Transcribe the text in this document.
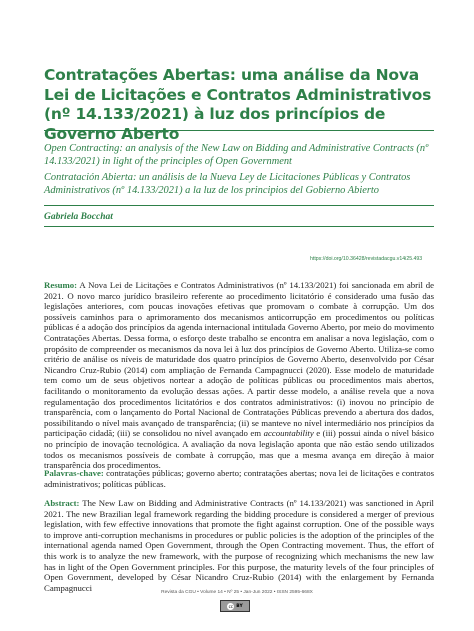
Contratações Abertas: uma análise da Nova Lei de Licitações e Contratos Administrativos (nº 14.133/2021) à luz dos princípios de Governo Aberto

Open Contracting: an analysis of the New Law on Bidding and Administrative Contracts (nº 14.133/2021) in light of the principles of Open Government

Contratación Abierta: un análisis de la Nueva Ley de Licitaciones Públicas y Contratos Administrativos (nº 14.133/2021) a la luz de los principios del Gobierno Abierto

Gabriela Bocchat

https://doi.org/10.36428/revistadacgu.v14i25.493

Resumo: A Nova Lei de Licitações e Contratos Administrativos (nº 14.133/2021) foi sancionada em abril de 2021. O novo marco jurídico brasileiro referente ao procedimento licitatório é considerado uma fusão das legislações anteriores, com poucas inovações efetivas que promovam o combate à corrupção. Um dos possíveis caminhos para o aprimoramento dos mecanismos anticorrupção em procedimentos ou políticas públicas é a adoção dos princípios da agenda internacional intitulada Governo Aberto, por meio do movimento Contratações Abertas. Dessa forma, o esforço deste trabalho se encontra em analisar a nova legislação, com o propósito de compreender os mecanismos da nova lei à luz dos princípios de Governo Aberto. Utiliza-se como critério de análise os níveis de maturidade dos quatro princípios de Governo Aberto, desenvolvido por César Nicandro Cruz-Rubio (2014) com ampliação de Fernanda Campagnucci (2020). Esse modelo de maturidade tem como um de seus objetivos nortear a adoção de políticas públicas ou procedimentos mais abertos, facilitando o monitoramento da evolução dessas ações. A partir desse modelo, a análise revela que a nova regulamentação dos procedimentos licitatórios e dos contratos administrativos: (i) inovou no princípio de transparência, com o lançamento do Portal Nacional de Contratações Públicas prevendo a abertura dos dados, possibilitando o nível mais avançado de transparência; (ii) se manteve no nível intermediário nos princípios da participação cidadã; (iii) se consolidou no nível avançado em accountability e (iii) possui ainda o nível básico no princípio de inovação tecnológica. A avaliação da nova legislação aponta que não estão sendo utilizados todos os mecanismos possíveis de combate à corrupção, mas que a mesma avança em direção à maior transparência dos procedimentos.

Palavras-chave: contratações públicas; governo aberto; contratações abertas; nova lei de licitações e contratos administrativos; políticas públicas.

Abstract: The New Law on Bidding and Administrative Contracts (nº 14.133/2021) was sanctioned in April 2021. The new Brazilian legal framework regarding the bidding procedure is considered a merger of previous legislation, with few effective innovations that promote the fight against corruption. One of the possible ways to improve anti-corruption mechanisms in procedures or public policies is the adoption of the principles of the international agenda named Open Government, through the Open Contracting movement. Thus, the effort of this work is to analyze the new framework, with the purpose of recognizing which mechanisms the new law has in light of the Open Government principles. For this purpose, the maturity levels of the four principles of Open Government, developed by César Nicandro Cruz-Rubio (2014) with the enlargement by Fernanda Campagnucci	Revista da CGU • Volume 14 • Nº 25 • Jan-Jun 2022 • ISSN 2595-668X

cc BY
